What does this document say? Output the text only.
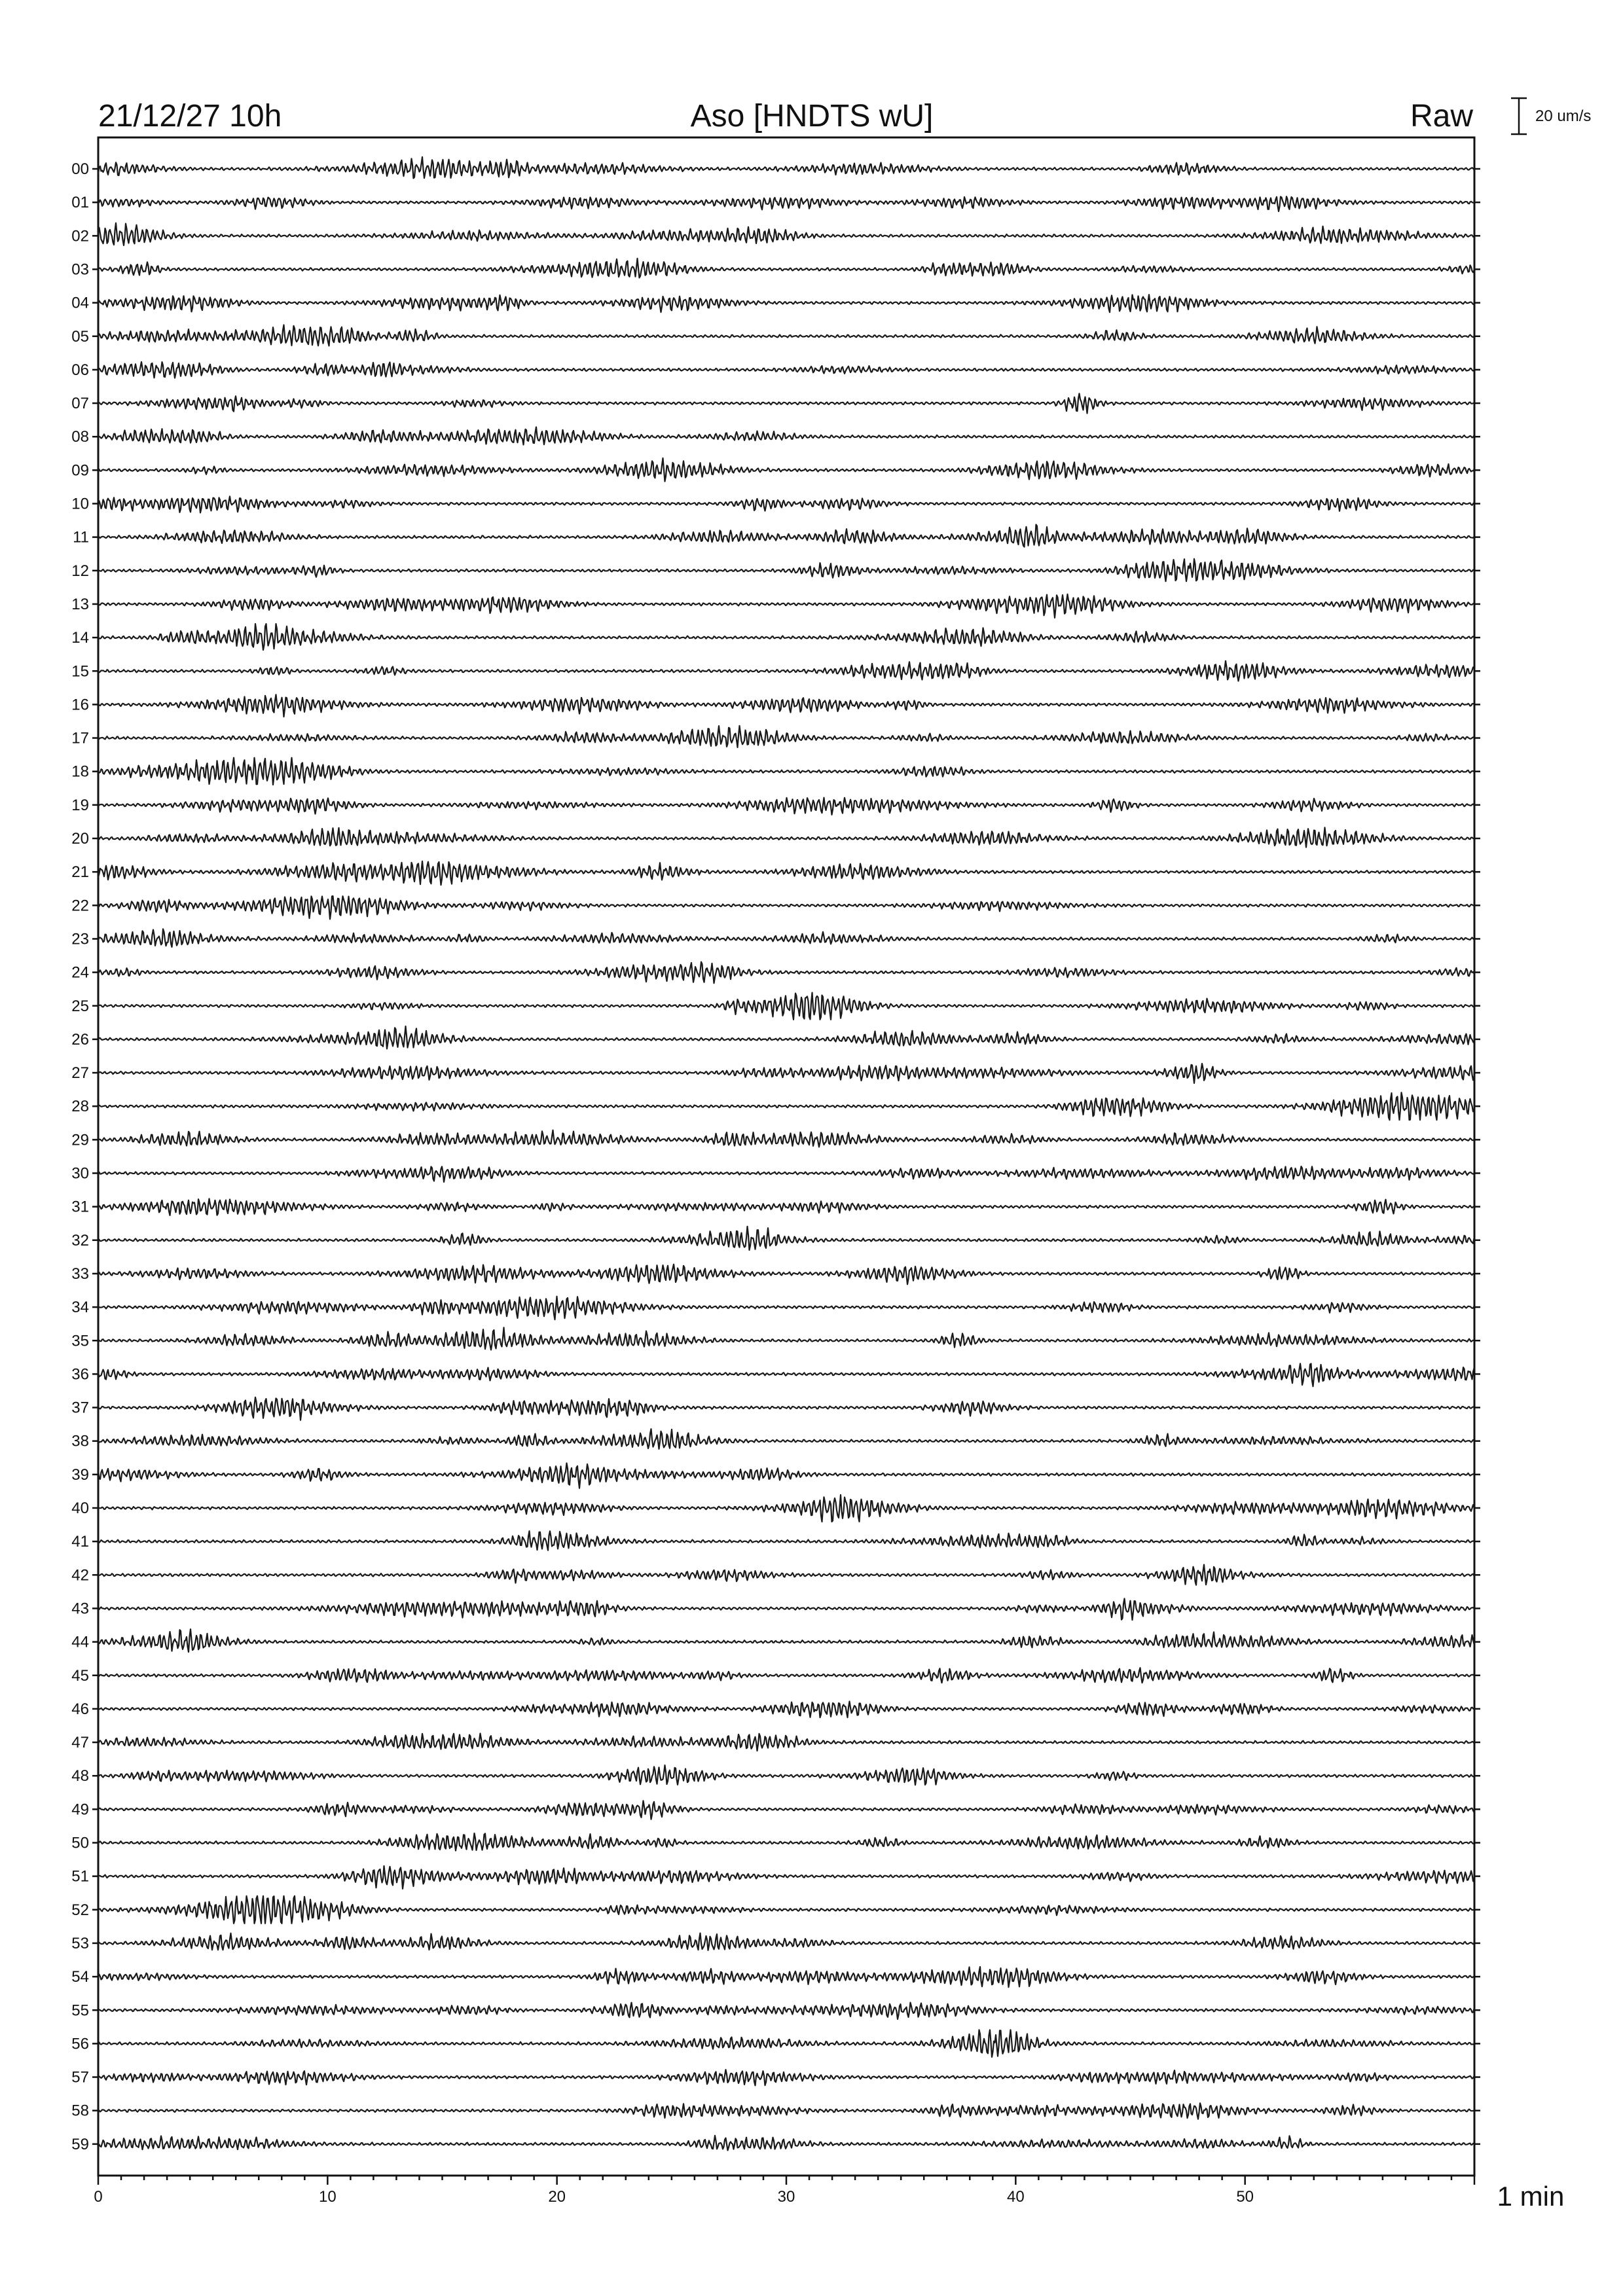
21/12/27 10h	Aso [HNDTS wU]	Raw	20 um/s
00
01
02
03
04
05
06
07
08
09
10
11
12
13
14
15
16
17
18
19
20
21
22
23
24
25
26
27
28
29
30
31
32
33
34
35
36
37
38
39
40
41
42
43
44
45
46
47
48
49
50
51
52
53
54
55
56
57
58
59
0	10	20	30	40	50	1 min
